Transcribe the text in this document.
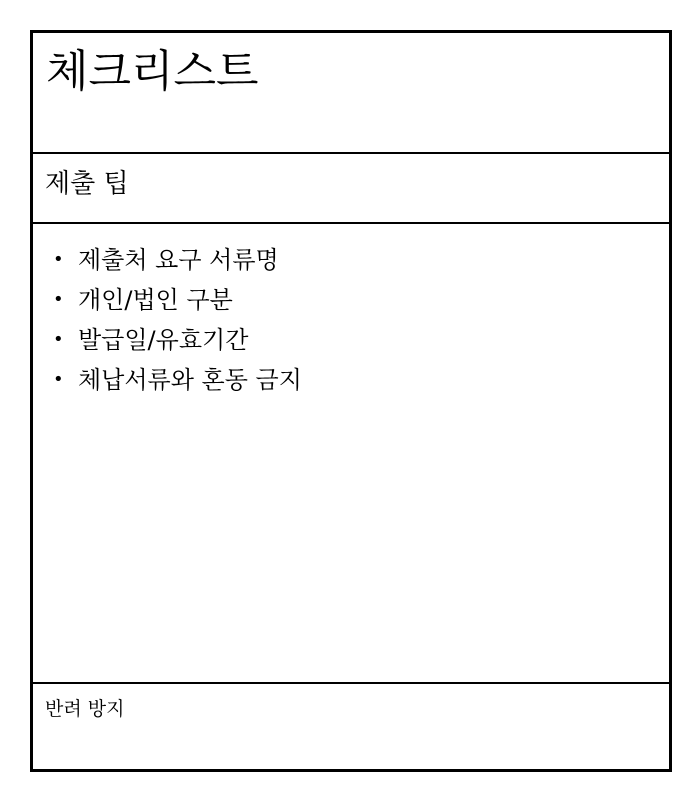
체크리스트
제출 팁
• 제출처 요구 서류명
• 개인/법인 구분
• 발급일/유효기간
• 체납서류와 혼동 금지

반려 방지
